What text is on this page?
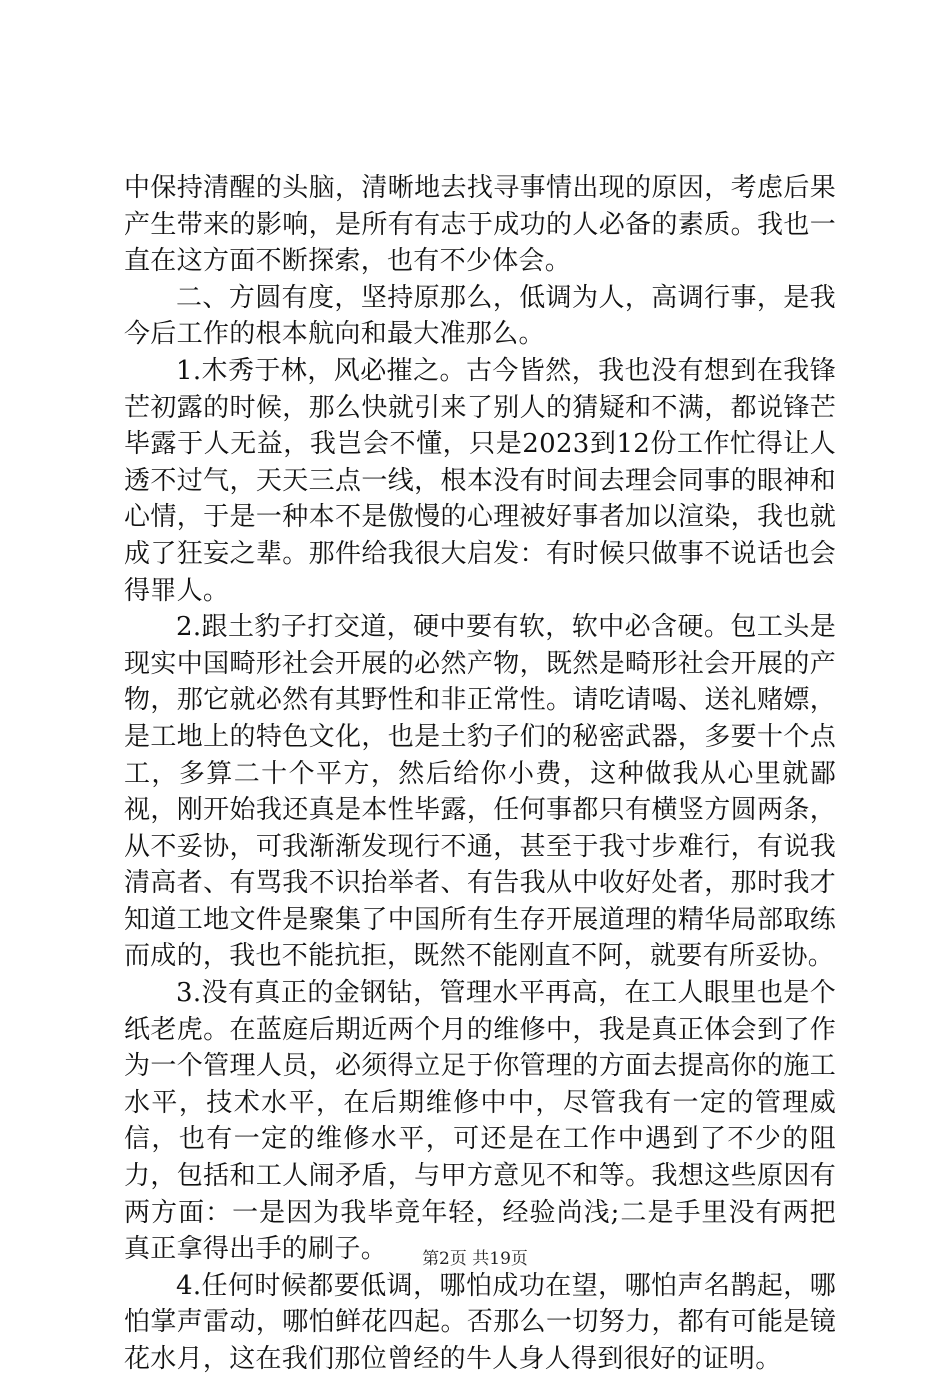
中保持清醒的头脑，清晰地去找寻事情出现的原因，考虑后果产生带来的影响，是所有有志于成功的人必备的素质。我也一直在这方面不断探索，也有不少体会。

二、方圆有度，坚持原那么，低调为人，高调行事，是我今后工作的根本航向和最大准那么。

1.木秀于林，风必摧之。古今皆然，我也没有想到在我锋芒初露的时候，那么快就引来了别人的猜疑和不满，都说锋芒毕露于人无益，我岂会不懂，只是2023到12份工作忙得让人透不过气，天天三点一线，根本没有时间去理会同事的眼神和心情，于是一种本不是傲慢的心理被好事者加以渲染，我也就成了狂妄之辈。那件给我很大启发：有时候只做事不说话也会得罪人。

2.跟土豹子打交道，硬中要有软，软中必含硬。包工头是现实中国畸形社会开展的必然产物，既然是畸形社会开展的产物，那它就必然有其野性和非正常性。请吃请喝、送礼赌嫖，是工地上的特色文化，也是土豹子们的秘密武器，多要十个点工，多算二十个平方，然后给你小费，这种做我从心里就鄙视，刚开始我还真是本性毕露，任何事都只有横竖方圆两条，从不妥协，可我渐渐发现行不通，甚至于我寸步难行，有说我清高者、有骂我不识抬举者、有告我从中收好处者，那时我才知道工地文件是聚集了中国所有生存开展道理的精华局部取练而成的，我也不能抗拒，既然不能刚直不阿，就要有所妥协。

3.没有真正的金钢钻，管理水平再高，在工人眼里也是个纸老虎。在蓝庭后期近两个月的维修中，我是真正体会到了作为一个管理人员，必须得立足于你管理的方面去提高你的施工水平，技术水平，在后期维修中中，尽管我有一定的管理威信，也有一定的维修水平，可还是在工作中遇到了不少的阻力，包括和工人闹矛盾，与甲方意见不和等。我想这些原因有两方面：一是因为我毕竟年轻，经验尚浅;二是手里没有两把真正拿得出手的刷子。

4.任何时候都要低调，哪怕成功在望，哪怕声名鹊起，哪怕掌声雷动，哪怕鲜花四起。否那么一切努力，都有可能是镜花水月，这在我们那位曾经的牛人身人得到很好的证明。

第2页 共19页
